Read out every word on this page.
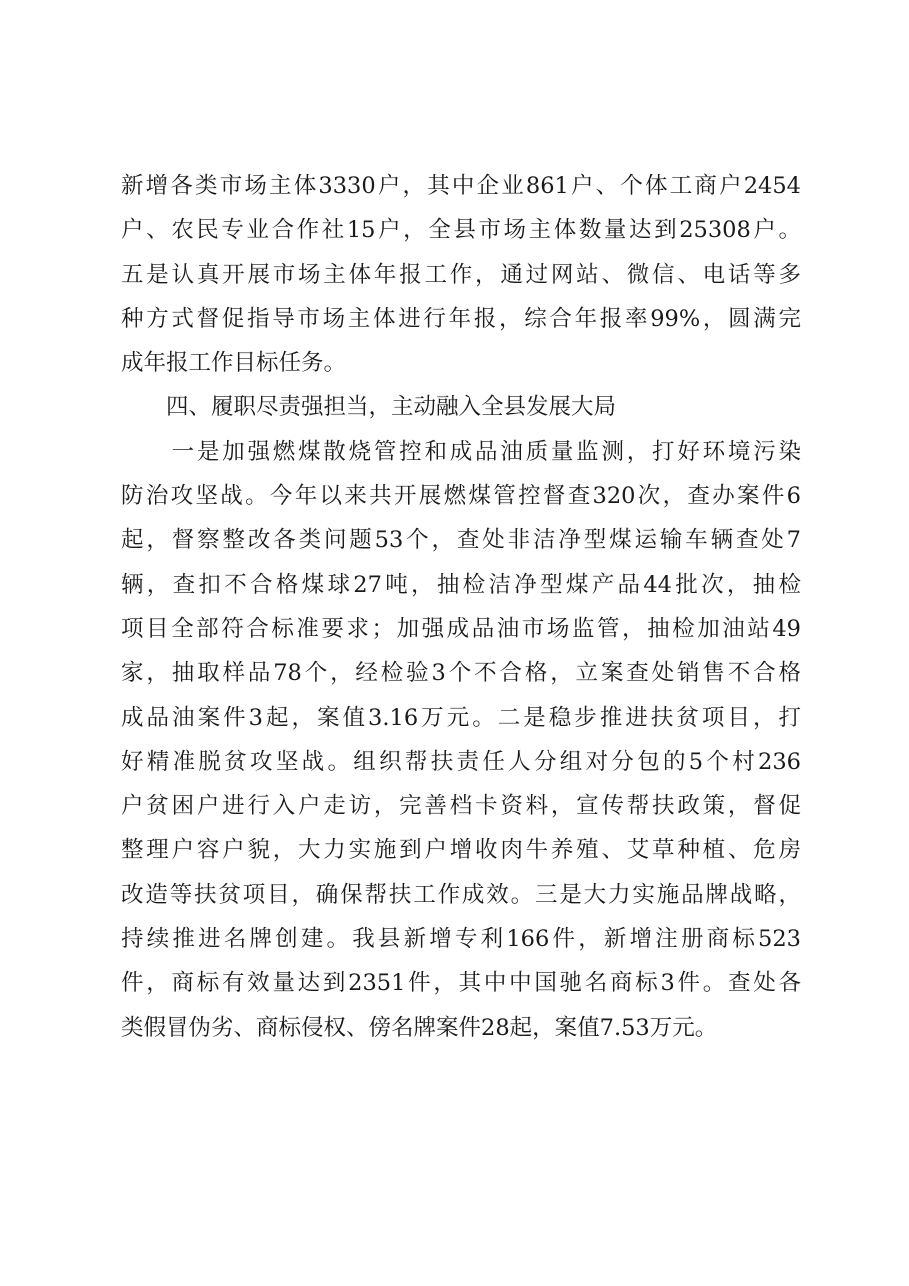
新增各类市场主体3330户，其中企业861户、个体工商户2454
户、农民专业合作社15户，全县市场主体数量达到25308户。
五是认真开展市场主体年报工作，通过网站、微信、电话等多
种方式督促指导市场主体进行年报，综合年报率99%，圆满完
成年报工作目标任务。

　　四、履职尽责强担当，主动融入全县发展大局

　　一是加强燃煤散烧管控和成品油质量监测，打好环境污染
防治攻坚战。今年以来共开展燃煤管控督查320次，查办案件6
起，督察整改各类问题53个，查处非洁净型煤运输车辆查处7
辆，查扣不合格煤球27吨，抽检洁净型煤产品44批次，抽检
项目全部符合标准要求；加强成品油市场监管，抽检加油站49
家，抽取样品78个，经检验3个不合格，立案查处销售不合格
成品油案件3起，案值3.16万元。二是稳步推进扶贫项目，打
好精准脱贫攻坚战。组织帮扶责任人分组对分包的5个村236
户贫困户进行入户走访，完善档卡资料，宣传帮扶政策，督促
整理户容户貌，大力实施到户增收肉牛养殖、艾草种植、危房
改造等扶贫项目，确保帮扶工作成效。三是大力实施品牌战略，
持续推进名牌创建。我县新增专利166件，新增注册商标523
件，商标有效量达到2351件，其中中国驰名商标3件。查处各
类假冒伪劣、商标侵权、傍名牌案件28起，案值7.53万元。
